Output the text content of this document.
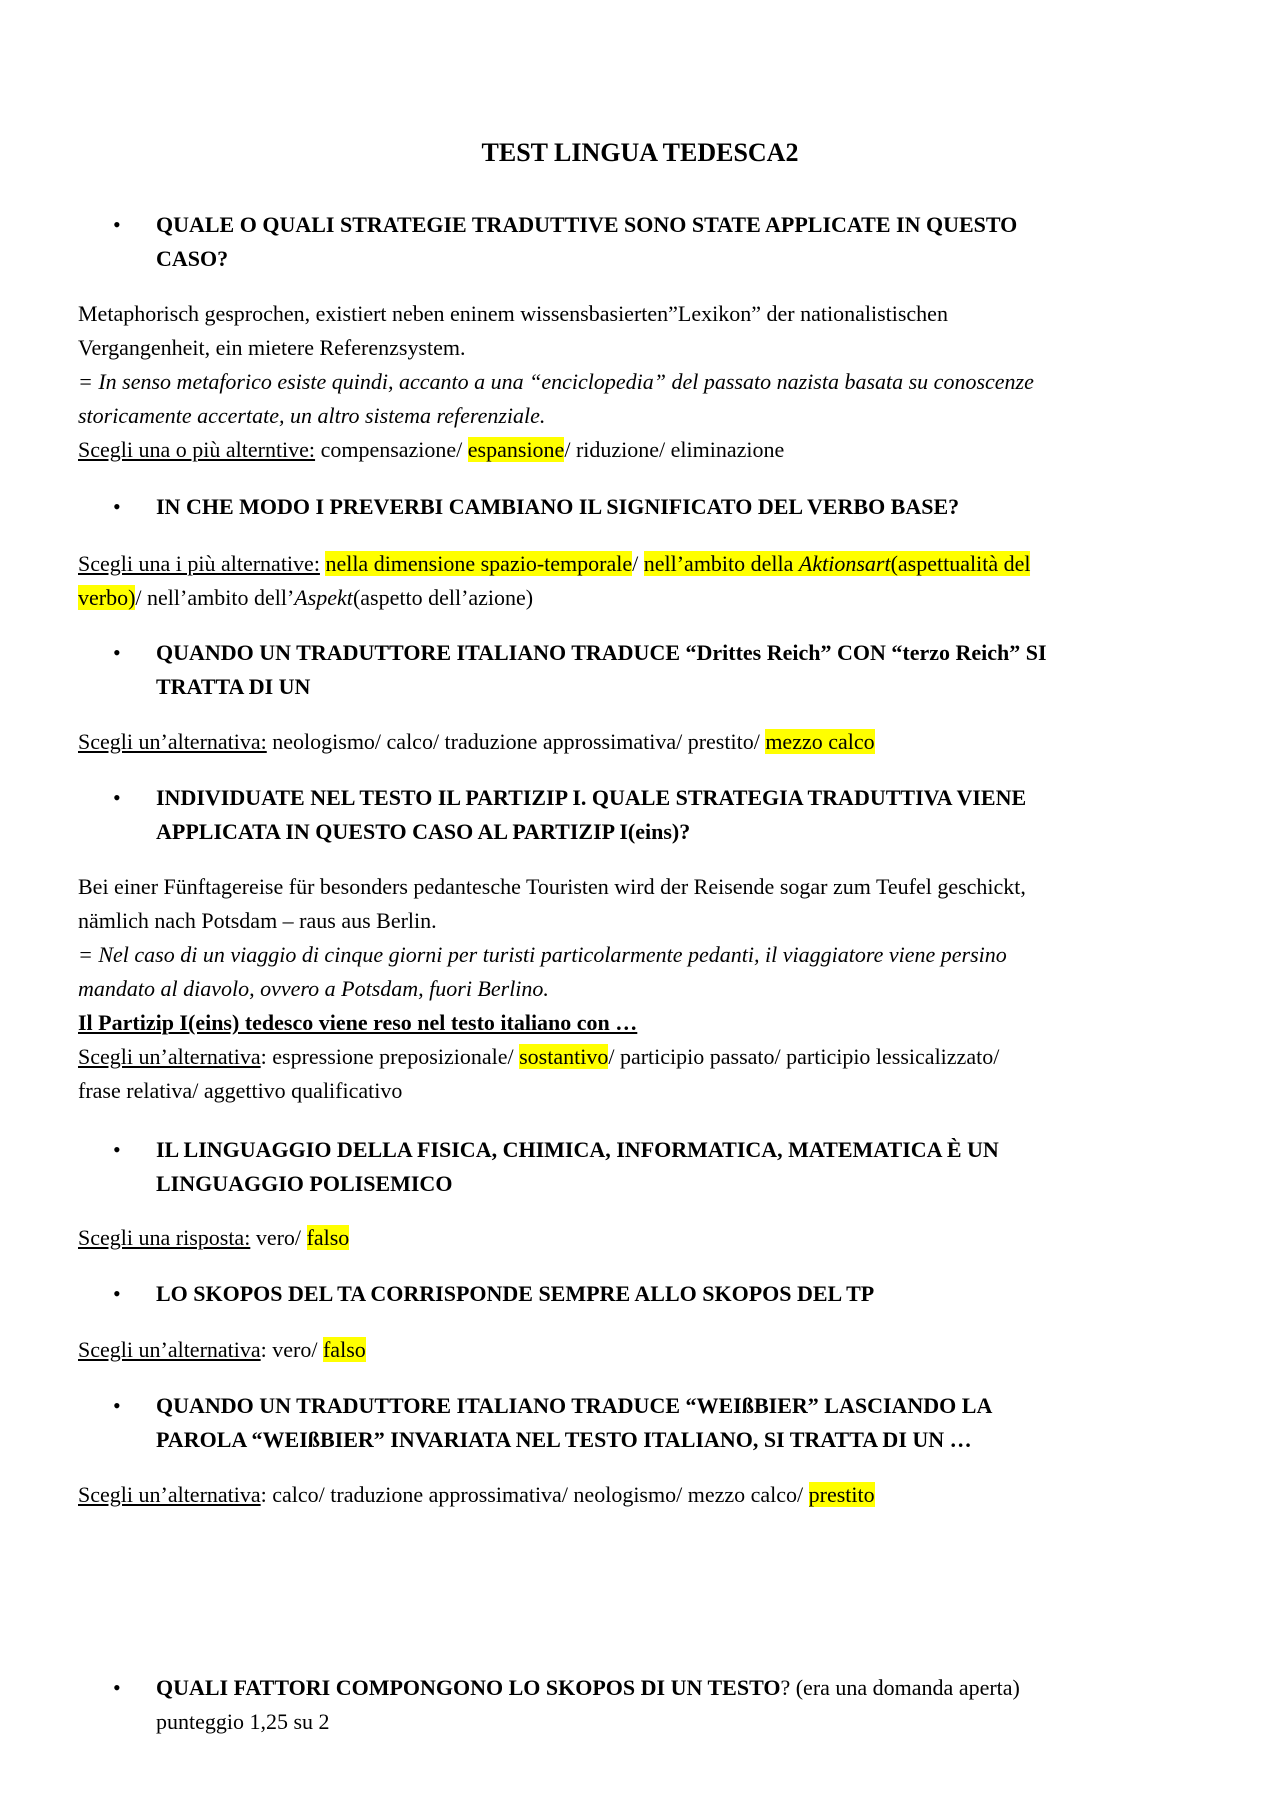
TEST LINGUA TEDESCA2
• QUALE O QUALI STRATEGIE TRADUTTIVE SONO STATE APPLICATE IN QUESTO
CASO?
Metaphorisch gesprochen, existiert neben eninem wissensbasierten”Lexikon” der nationalistischen
Vergangenheit, ein mietere Referenzsystem.
= In senso metaforico esiste quindi, accanto a una “enciclopedia” del passato nazista basata su conoscenze
storicamente accertate, un altro sistema referenziale.
Scegli una o più alterntive: compensazione/ espansione/ riduzione/ eliminazione
• IN CHE MODO I PREVERBI CAMBIANO IL SIGNIFICATO DEL VERBO BASE?
Scegli una i più alternative: nella dimensione spazio-temporale/ nell’ambito della Aktionsart(aspettualità del
verbo)/ nell’ambito dell’Aspekt(aspetto dell’azione)
• QUANDO UN TRADUTTORE ITALIANO TRADUCE “Drittes Reich” CON “terzo Reich” SI
TRATTA DI UN
Scegli un’alternativa: neologismo/ calco/ traduzione approssimativa/ prestito/ mezzo calco
• INDIVIDUATE NEL TESTO IL PARTIZIP I. QUALE STRATEGIA TRADUTTIVA VIENE
APPLICATA IN QUESTO CASO AL PARTIZIP I(eins)?
Bei einer Fünftagereise für besonders pedantesche Touristen wird der Reisende sogar zum Teufel geschickt,
nämlich nach Potsdam – raus aus Berlin.
= Nel caso di un viaggio di cinque giorni per turisti particolarmente pedanti, il viaggiatore viene persino
mandato al diavolo, ovvero a Potsdam, fuori Berlino.
Il Partizip I(eins) tedesco viene reso nel testo italiano con …
Scegli un’alternativa: espressione preposizionale/ sostantivo/ participio passato/ participio lessicalizzato/
frase relativa/ aggettivo qualificativo
• IL LINGUAGGIO DELLA FISICA, CHIMICA, INFORMATICA, MATEMATICA È UN
LINGUAGGIO POLISEMICO
Scegli una risposta: vero/ falso
• LO SKOPOS DEL TA CORRISPONDE SEMPRE ALLO SKOPOS DEL TP
Scegli un’alternativa: vero/ falso
• QUANDO UN TRADUTTORE ITALIANO TRADUCE “WEIßBIER” LASCIANDO LA
PAROLA “WEIßBIER” INVARIATA NEL TESTO ITALIANO, SI TRATTA DI UN …
Scegli un’alternativa: calco/ traduzione approssimativa/ neologismo/ mezzo calco/ prestito
• QUALI FATTORI COMPONGONO LO SKOPOS DI UN TESTO? (era una domanda aperta)
punteggio 1,25 su 2
